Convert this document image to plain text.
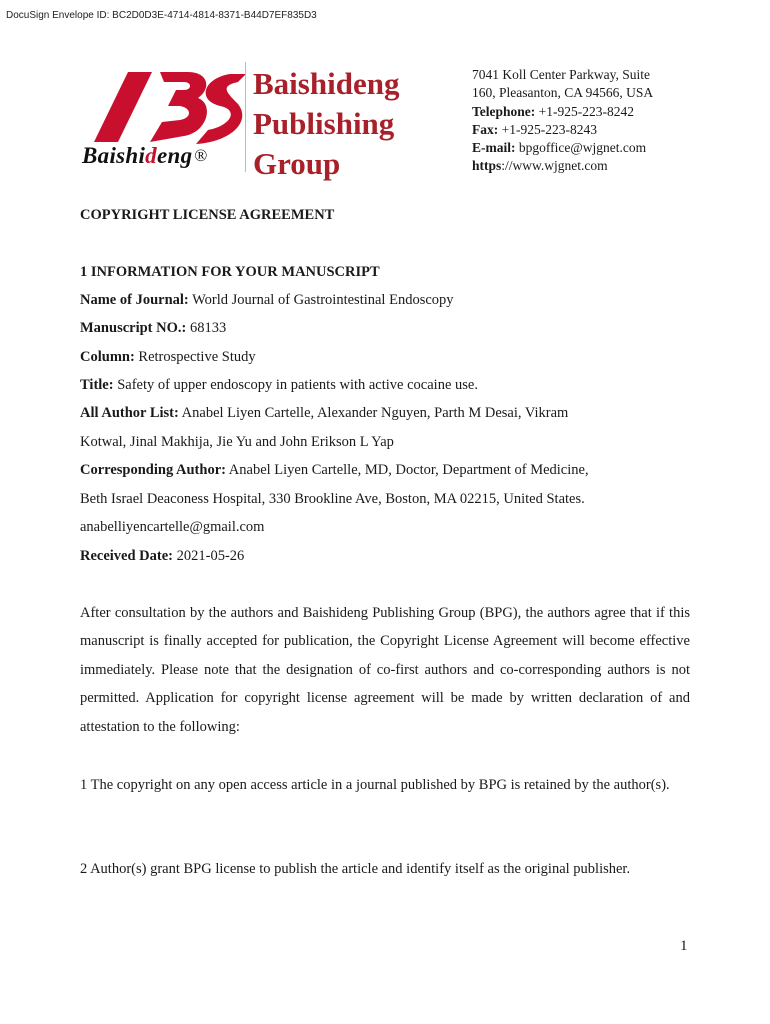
DocuSign Envelope ID: BC2D0D3E-4714-4814-8371-B44D7EF835D3
Baishideng ®
Baishideng
Publishing
Group
7041 Koll Center Parkway, Suite
160, Pleasanton, CA 94566, USA
Telephone: +1-925-223-8242
Fax: +1-925-223-8243
E-mail: bpgoffice@wjgnet.com
https://www.wjgnet.com
COPYRIGHT LICENSE AGREEMENT
1 INFORMATION FOR YOUR MANUSCRIPT
Name of Journal: World Journal of Gastrointestinal Endoscopy
Manuscript NO.: 68133
Column: Retrospective Study
Title: Safety of upper endoscopy in patients with active cocaine use.
All Author List: Anabel Liyen Cartelle, Alexander Nguyen, Parth M Desai, Vikram
Kotwal, Jinal Makhija, Jie Yu and John Erikson L Yap
Corresponding Author: Anabel Liyen Cartelle, MD, Doctor, Department of Medicine,
Beth Israel Deaconess Hospital, 330 Brookline Ave, Boston, MA 02215, United States.
anabelliyencartelle@gmail.com
Received Date: 2021-05-26
After consultation by the authors and Baishideng Publishing Group (BPG), the authors agree that if this manuscript is finally accepted for publication, the Copyright License Agreement will become effective immediately. Please note that the designation of co-first authors and co-corresponding authors is not permitted. Application for copyright license agreement will be made by written declaration of and attestation to the following:
1 The copyright on any open access article in a journal published by BPG is retained by the author(s).
2 Author(s) grant BPG license to publish the article and identify itself as the original publisher.
1
